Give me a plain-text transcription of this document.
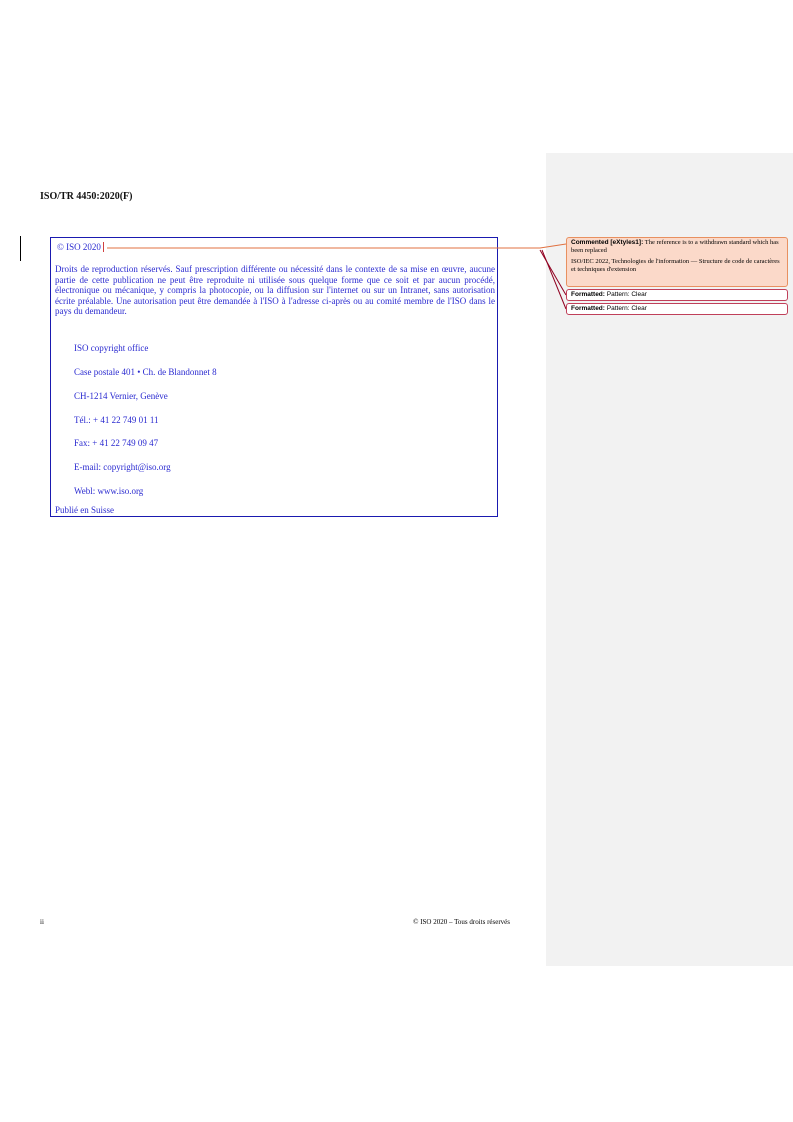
ISO/TR 4450:2020(F)
© ISO 2020
Droits de reproduction réservés. Sauf prescription différente ou nécessité dans le contexte de sa mise en œuvre, aucune partie de cette publication ne peut être reproduite ni utilisée sous quelque forme que ce soit et par aucun procédé, électronique ou mécanique, y compris la photocopie, ou la diffusion sur l'internet ou sur un Intranet, sans autorisation écrite préalable. Une autorisation peut être demandée à l'ISO à l'adresse ci-après ou au comité membre de l'ISO dans le pays du demandeur.
ISO copyright office
Case postale 401 • Ch. de Blandonnet 8
CH-1214 Vernier, Genève
Tél.: + 41 22 749 01 11
Fax: + 41 22 749 09 47
E-mail: copyright@iso.org
Webl: www.iso.org
Publié en Suisse
ii	© ISO 2020 – Tous droits réservés

Commented [eXtyles1]: The reference is to a withdrawn standard which has been replaced

ISO/IEC 2022, Technologies de l'information — Structure de code de caractères et techniques d'extension

Formatted: Pattern: Clear
Formatted: Pattern: Clear
